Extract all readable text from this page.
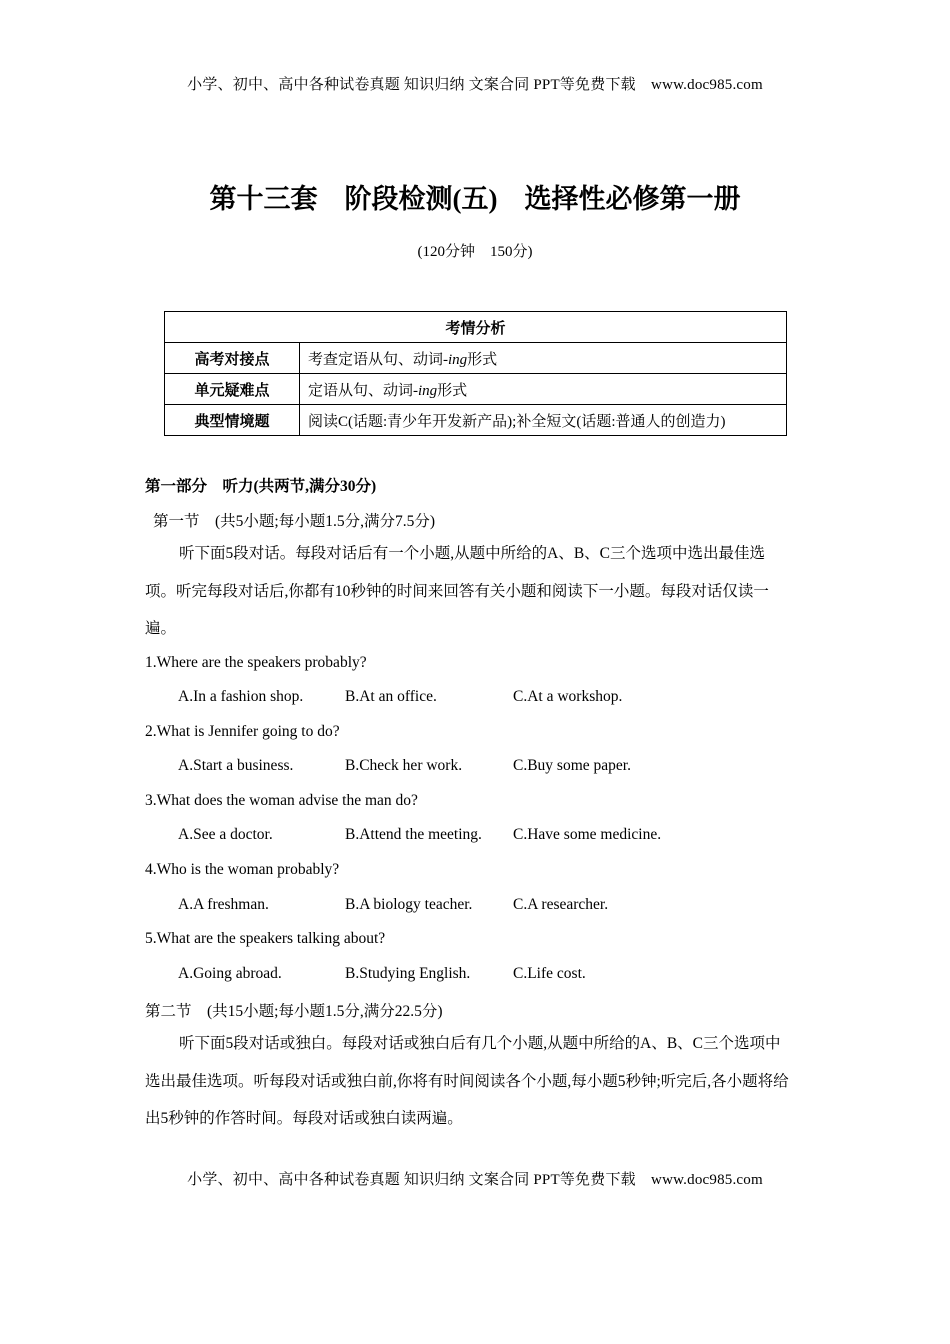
小学、初中、高中各种试卷真题 知识归纳 文案合同 PPT等免费下载　www.doc985.com
第十三套　阶段检测(五)　选择性必修第一册
(120分钟　150分)
考情分析	
高考对接点	考查定语从句、动词-ing形式
单元疑难点	定语从句、动词-ing形式
典型情境题	阅读C(话题:青少年开发新产品);补全短文(话题:普通人的创造力)
第一部分　听力(共两节,满分30分)
第一节　(共5小题;每小题1.5分,满分7.5分)
听下面5段对话。每段对话后有一个小题,从题中所给的A、B、C三个选项中选出最佳选项。听完每段对话后,你都有10秒钟的时间来回答有关小题和阅读下一小题。每段对话仅读一遍。
1.Where are the speakers probably?
A.In a fashion shop.	B.At an office.	C.At a workshop.
2.What is Jennifer going to do?
A.Start a business.	B.Check her work.	C.Buy some paper.
3.What does the woman advise the man do?
A.See a doctor.	B.Attend the meeting. C.Have some medicine.
4.Who is the woman probably?
A.A freshman.	B.A biology teacher.	C.A researcher.
5.What are the speakers talking about?
A.Going abroad.	B.Studying English.	C.Life cost.
第二节　(共15小题;每小题1.5分,满分22.5分)
听下面5段对话或独白。每段对话或独白后有几个小题,从题中所给的A、B、C三个选项中选出最佳选项。听每段对话或独白前,你将有时间阅读各个小题,每小题5秒钟;听完后,各小题将给出5秒钟的作答时间。每段对话或独白读两遍。
小学、初中、高中各种试卷真题 知识归纳 文案合同 PPT等免费下载　www.doc985.com
